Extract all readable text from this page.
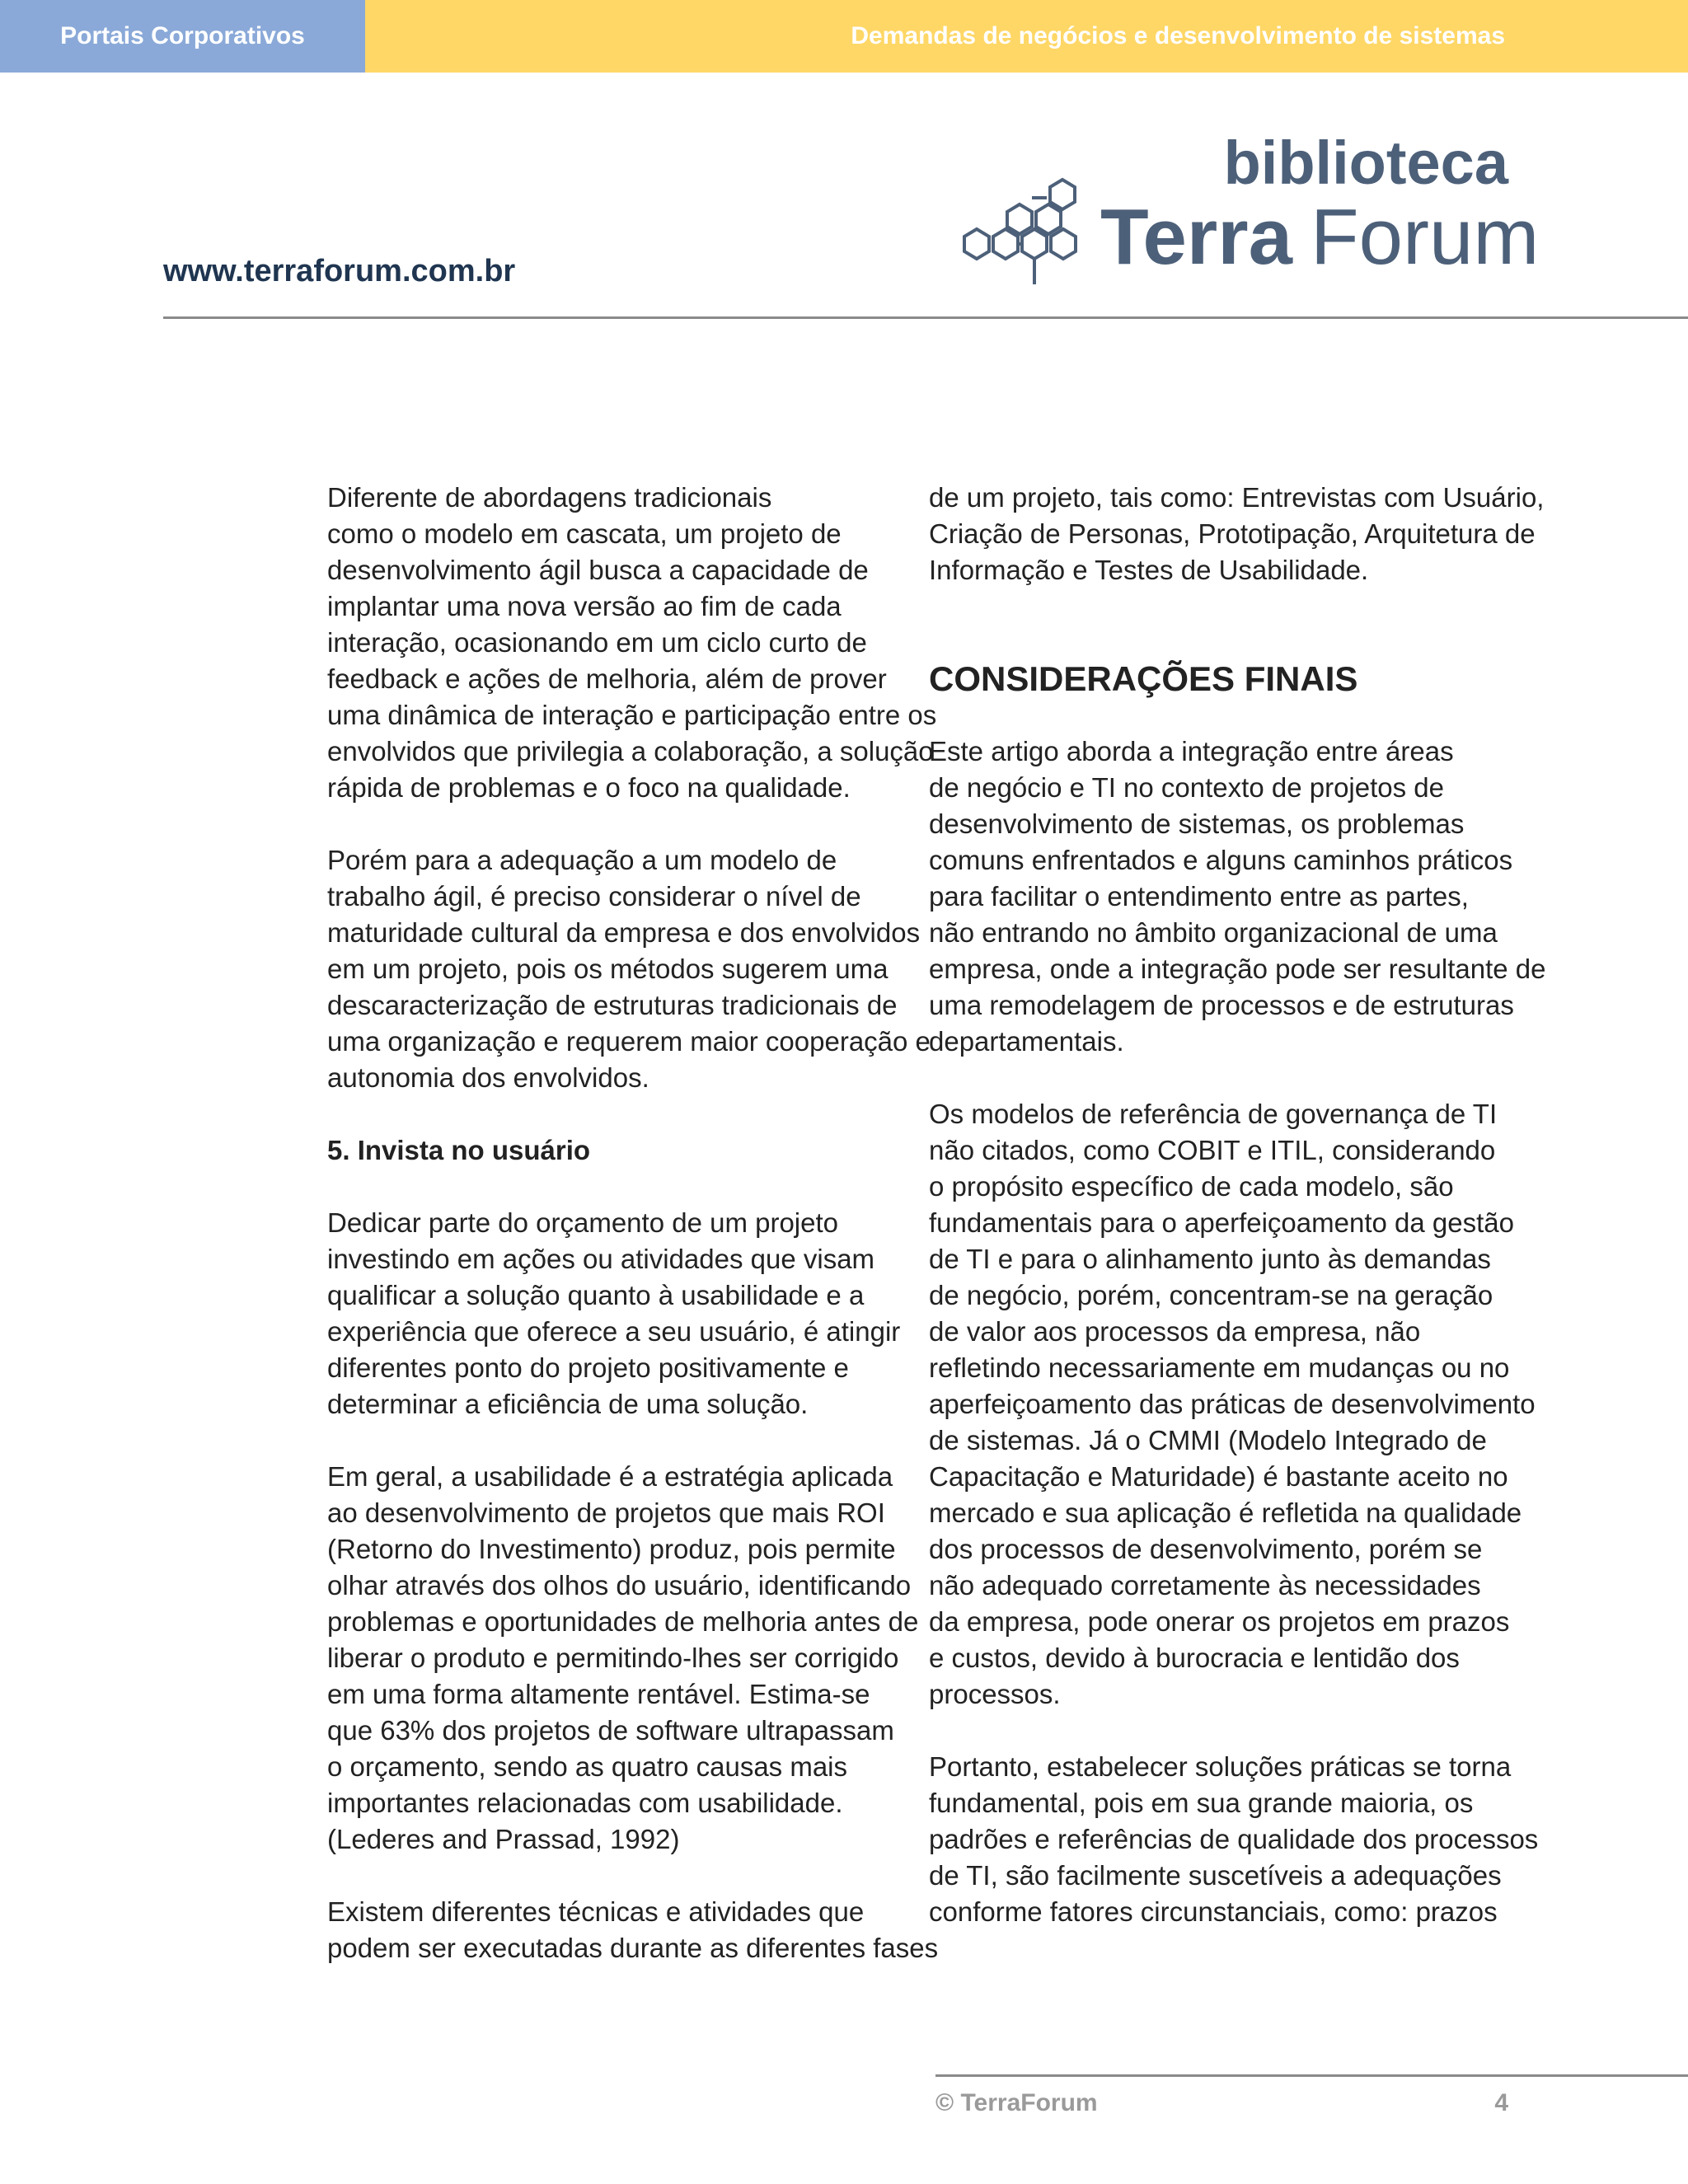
Portais Corporativos	Demandas de negócios e desenvolvimento de sistemas
biblioteca
Terra Forum
www.terraforum.com.br

Diferente de abordagens tradicionais
como o modelo em cascata, um projeto de
desenvolvimento ágil busca a capacidade de
implantar uma nova versão ao fim de cada
interação, ocasionando em um ciclo curto de
feedback e ações de melhoria, além de prover
uma dinâmica de interação e participação entre os
envolvidos que privilegia a colaboração, a solução
rápida de problemas e o foco na qualidade.

Porém para a adequação a um modelo de
trabalho ágil, é preciso considerar o nível de
maturidade cultural da empresa e dos envolvidos
em um projeto, pois os métodos sugerem uma
descaracterização de estruturas tradicionais de
uma organização e requerem maior cooperação e
autonomia dos envolvidos.

5. Invista no usuário

Dedicar parte do orçamento de um projeto
investindo em ações ou atividades que visam
qualificar a solução quanto à usabilidade e a
experiência que oferece a seu usuário, é atingir
diferentes ponto do projeto positivamente e
determinar a eficiência de uma solução.

Em geral, a usabilidade é a estratégia aplicada
ao desenvolvimento de projetos que mais ROI
(Retorno do Investimento) produz, pois permite
olhar através dos olhos do usuário, identificando
problemas e oportunidades de melhoria antes de
liberar o produto e permitindo-lhes ser corrigido
em uma forma altamente rentável. Estima-se
que 63% dos projetos de software ultrapassam
o orçamento, sendo as quatro causas mais
importantes relacionadas com usabilidade.
(Lederes and Prassad, 1992)

Existem diferentes técnicas e atividades que
podem ser executadas durante as diferentes fases

de um projeto, tais como: Entrevistas com Usuário,
Criação de Personas, Prototipação, Arquitetura de
Informação e Testes de Usabilidade.

CONSIDERAÇÕES FINAIS

Este artigo aborda a integração entre áreas
de negócio e TI no contexto de projetos de
desenvolvimento de sistemas, os problemas
comuns enfrentados e alguns caminhos práticos
para facilitar o entendimento entre as partes,
não entrando no âmbito organizacional de uma
empresa, onde a integração pode ser resultante de
uma remodelagem de processos e de estruturas
departamentais.

Os modelos de referência de governança de TI
não citados, como COBIT e ITIL, considerando
o propósito específico de cada modelo, são
fundamentais para o aperfeiçoamento da gestão
de TI e para o alinhamento junto às demandas
de negócio, porém, concentram-se na geração
de valor aos processos da empresa, não
refletindo necessariamente em mudanças ou no
aperfeiçoamento das práticas de desenvolvimento
de sistemas. Já o CMMI (Modelo Integrado de
Capacitação e Maturidade) é bastante aceito no
mercado e sua aplicação é refletida na qualidade
dos processos de desenvolvimento, porém se
não adequado corretamente às necessidades
da empresa, pode onerar os projetos em prazos
e custos, devido à burocracia e lentidão dos
processos.

Portanto, estabelecer soluções práticas se torna
fundamental, pois em sua grande maioria, os
padrões e referências de qualidade dos processos
de TI, são facilmente suscetíveis a adequações
conforme fatores circunstanciais, como: prazos

© TerraForum	4
